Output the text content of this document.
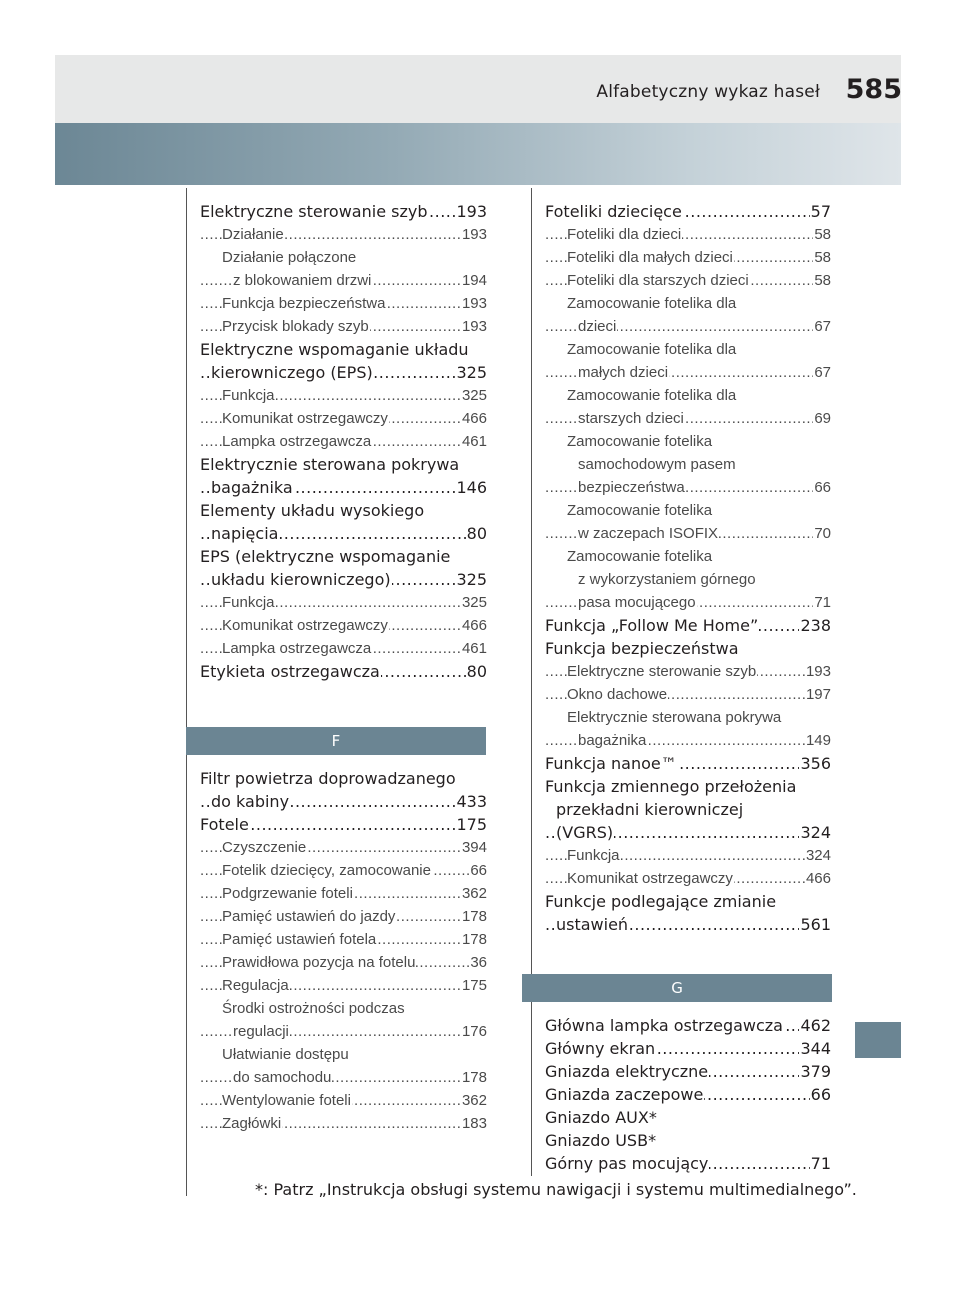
Alfabetyczny wykaz haseł 585
Elektryczne sterowanie szyb 193
.....
Działanie	193
.....
Działanie połączone
z blokowaniem drzwi	194
.....
Funkcja bezpieczeństwa	193
.....
Przycisk blokady szyb	193
.....
Elektryczne wspomaganie układu
kierowniczego (EPS)	325
.....
Funkcja	325
.....
Komunikat ostrzegawczy	466
.....
Lampka ostrzegawcza	461
.....
Elektrycznie sterowana pokrywa
bagażnika	146
.....
Elementy układu wysokiego
napięcia	80
.....
EPS (elektryczne wspomaganie
układu kierowniczego)	325
.....
Funkcja	325
.....
Komunikat ostrzegawczy	466
.....
Lampka ostrzegawcza	461
.....
Etykieta ostrzegawcza	80
.....
F
Filtr powietrza doprowadzanego
do kabiny	433
.....
Fotele	175
.....
Czyszczenie	394
.....
Fotelik dziecięcy, zamocowanie	66
.....
Podgrzewanie foteli	362
.....
Pamięć ustawień do jazdy	178
.....
Pamięć ustawień fotela	178
.....
Prawidłowa pozycja na fotelu	36
.....
Regulacja	175
.....
Środki ostrożności podczas
regulacji	176
.....
Ułatwianie dostępu
do samochodu	178
.....
Wentylowanie foteli	362
.....
Zagłówki	183
.....
Foteliki dziecięce	57
.....
Foteliki dla dzieci	58
.....
Foteliki dla małych dzieci	58
.....
Foteliki dla starszych dzieci	58
.....
Zamocowanie fotelika dla
dzieci	67
.....
Zamocowanie fotelika dla
małych dzieci	67
.....
Zamocowanie fotelika dla
starszych dzieci	69
.....
Zamocowanie fotelika
samochodowym pasem
bezpieczeństwa	66
.....
Zamocowanie fotelika
w zaczepach ISOFIX	70
.....
Zamocowanie fotelika
z wykorzystaniem górnego
pasa mocującego	71
.....
Funkcja „Follow Me Home”	238
.....
Funkcja bezpieczeństwa
Elektryczne sterowanie szyb	193
.....
Okno dachowe	197
.....
Elektrycznie sterowana pokrywa
bagażnika	149
.....
Funkcja nanoe™	356
.....
Funkcja zmiennego przełożenia
przekładni kierowniczej
(VGRS)	324
.....
Funkcja	324
.....
Komunikat ostrzegawczy	466
.....
Funkcje podlegające zmianie
ustawień	561
.....
G
Główna lampka ostrzegawcza 462
.....
Główny ekran	344
.....
Gniazda elektryczne	379
.....
Gniazda zaczepowe	66
.....
Gniazdo AUX*
Gniazdo USB*
Górny pas mocujący	71
.....
*: Patrz „Instrukcja obsługi systemu nawigacji i systemu multimedialnego”.
